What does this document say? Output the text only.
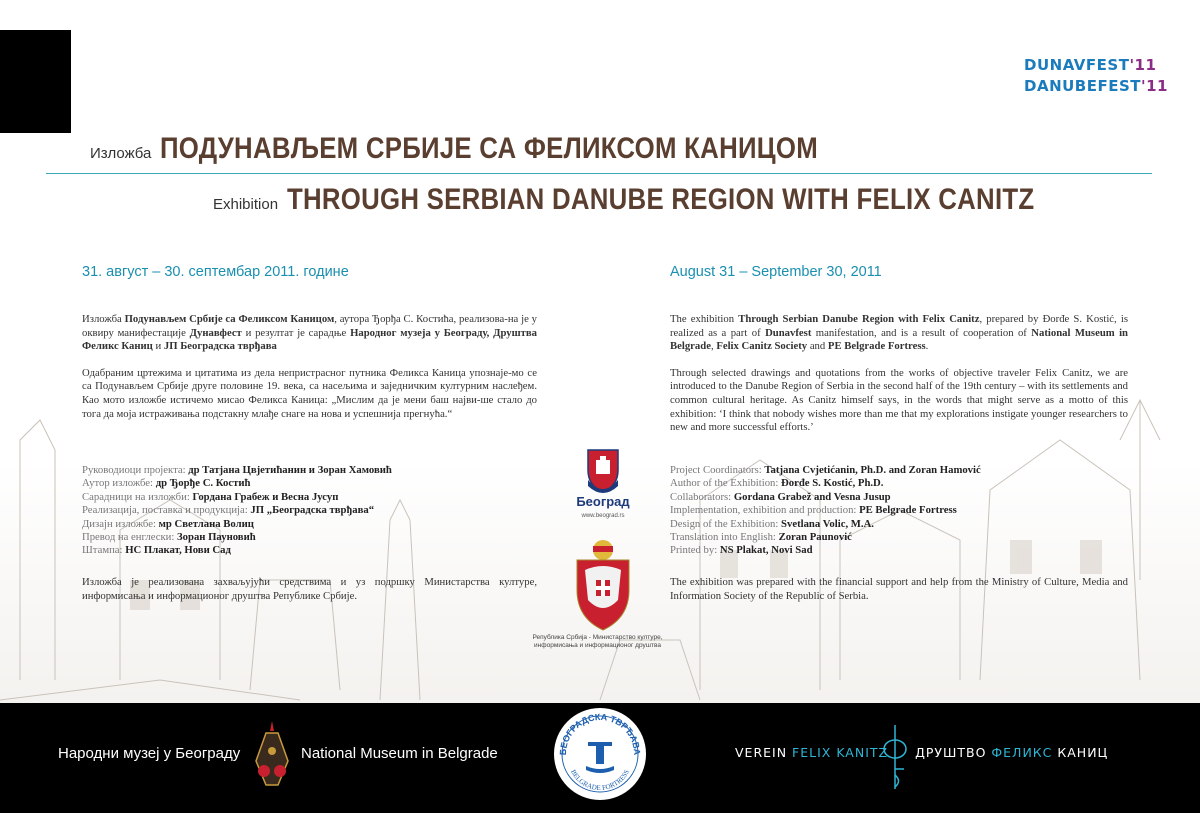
DUNAVFEST'11
DANUBEFEST'11
Изложба ПОДУНАВЉЕМ СРБИЈЕ СА ФЕЛИКСОМ КАНИЦОМ
Exhibition THROUGH SERBIAN DANUBE REGION WITH FELIX CANITZ
31. август – 30. септембар 2011. године	August 31 – September 30, 2011

Изложба Подунављем Србије са Феликсом Каницом, аутора Ђорђа С. Костића, реализова-на је у оквиру манифестације Дунавфест и резултат је сарадње Народног музеја у Београду, Друштва Феликс Каниц и ЈП Београдска тврђава

Одабраним цртежима и цитатима из дела непристрасног путника Феликса Каница упознаје-мо се са Подунављем Србије друге половине 19. века, са насељима и заједничким културним наслеђем. Као мото изложбе истичемо мисао Феликса Каница: „Мислим да је мени баш најви-ше стало до тога да моја истраживања подстакну млађе снаге на нова и успешнија прегнућа.“

Руководиоци пројекта: др Татјана Цвјетићанин и Зоран Хамовић
Аутор изложбе: др Ђорђе С. Костић
Сарадници на изложби: Гордана Грабеж и Весна Јусуп
Реализација, поставка и продукција: ЈП „Београдска тврђава“
Дизајн изложбе: мр Светлана Волиц
Превод на енглески: Зоран Пауновић
Штампа: НС Плакат, Нови Сад

Изложба је реализована захваљујући средствима и уз подршку Министарства културе, информисања и информационог друштва Републике Србије.

The exhibition Through Serbian Danube Region with Felix Canitz, prepared by Đorđe S. Kostić, is realized as a part of Dunavfest manifestation, and is a result of cooperation of National Museum in Belgrade, Felix Canitz Society and PE Belgrade Fortress.

Through selected drawings and quotations from the works of objective traveler Felix Canitz, we are introduced to the Danube Region of Serbia in the second half of the 19th century – with its settlements and common cultural heritage. As Canitz himself says, in the words that might serve as a motto of this exhibition: ‘I think that nobody wishes more than me that my explorations instigate younger researchers to new and more successful efforts.’

Project Coordinators: Tatjana Cvjetićanin, Ph.D. and Zoran Hamović
Author of the Exhibition: Đorđe S. Kostić, Ph.D.
Collaborators: Gordana Grabež and Vesna Jusup
Implementation, exhibition and production: PE Belgrade Fortress
Design of the Exhibition: Svetlana Volic, M.A.
Translation into English: Zoran Paunović
Printed by: NS Plakat, Novi Sad

The exhibition was prepared with the financial support and help from the Ministry of Culture, Media and Information Society of the Republic of Serbia.

Београд
www.beograd.rs
Република Србија - Министарство културе, информисања и информационог друштва
Народни музеј у Београду	National Museum in Belgrade	БЕОГРАДСКА ТВРЂАВА
BELGRADE FORTRESS
VEREIN FELIX KANITZ ДРУШТВО ФЕЛИКС КАНИЦ
